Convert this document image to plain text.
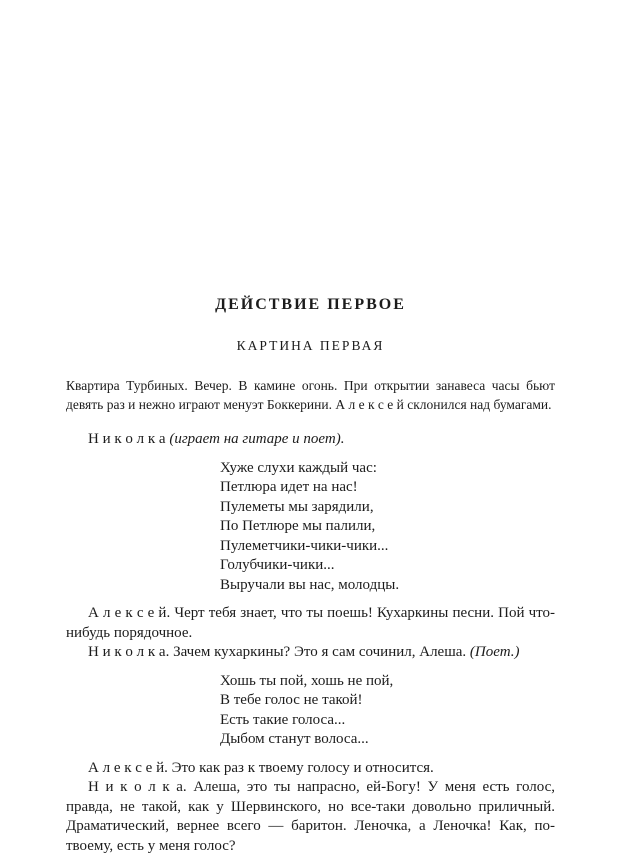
ДЕЙСТВИЕ ПЕРВОЕ
КАРТИНА ПЕРВАЯ

Квартира Турбиных. Вечер. В камине огонь. При открытии занавеса часы бьют девять раз и нежно играют менуэт Боккерини. А л е к с е й склонился над бумагами.

Н и к о л к а (играет на гитаре и поет).

Хуже слухи каждый час:
Петлюра идет на нас!
Пулеметы мы зарядили,
По Петлюре мы палили,
Пулеметчики-чики-чики...
Голубчики-чики...
Выручали вы нас, молодцы.

А л е к с е й. Черт тебя знает, что ты поешь! Кухаркины песни. Пой что-нибудь порядочное.

Н и к о л к а. Зачем кухаркины? Это я сам сочинил, Алеша. (Поет.)

Хошь ты пой, хошь не пой,
В тебе голос не такой!
Есть такие голоса...
Дыбом станут волоса...

А л е к с е й. Это как раз к твоему голосу и относится.

Н и к о л к а. Алеша, это ты напрасно, ей-Богу! У меня есть голос, правда, не такой, как у Шервинского, но все-таки довольно приличный. Драматический, вернее всего — баритон. Леночка, а Леночка! Как, по-твоему, есть у меня голос?
